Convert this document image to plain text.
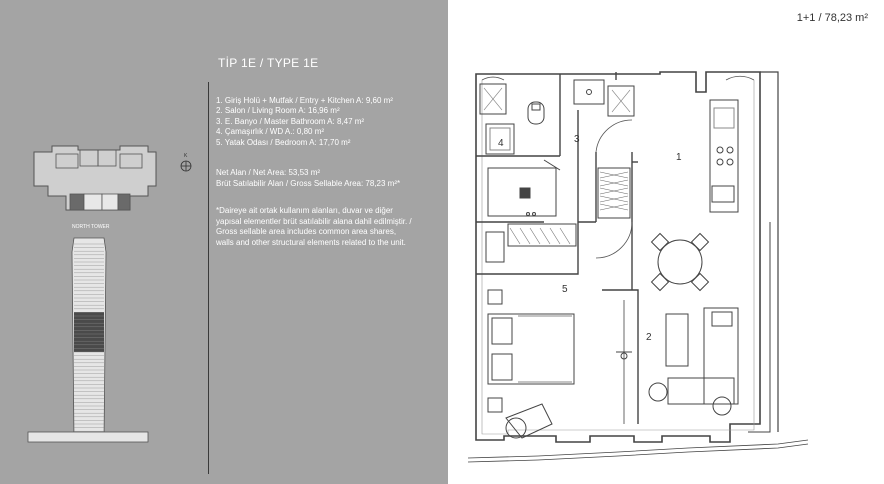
TİP 1E / TYPE 1E
1. Giriş Holü + Mutfak / Entry + Kitchen A: 9,60 m²
2. Salon / Living Room A: 16,96 m²
3. E. Banyo / Master Bathroom A: 8,47 m²
4. Çamaşırlık / WD A.: 0,80 m²
5. Yatak Odası / Bedroom A: 17,70 m²
Net Alan / Net Area: 53,53 m²
Brüt Satılabilir Alan / Gross Sellable Area: 78,23 m²*
*Daireye ait ortak kullanım alanları, duvar ve diğer yapısal elementler brüt satılabilir alana dahil edilmiştir. / Gross sellable area includes common area shares, walls and other structural elements related to the unit.
K
NORTH TOWER
1+1 / 78,23 m²
1
2
3
4
5
